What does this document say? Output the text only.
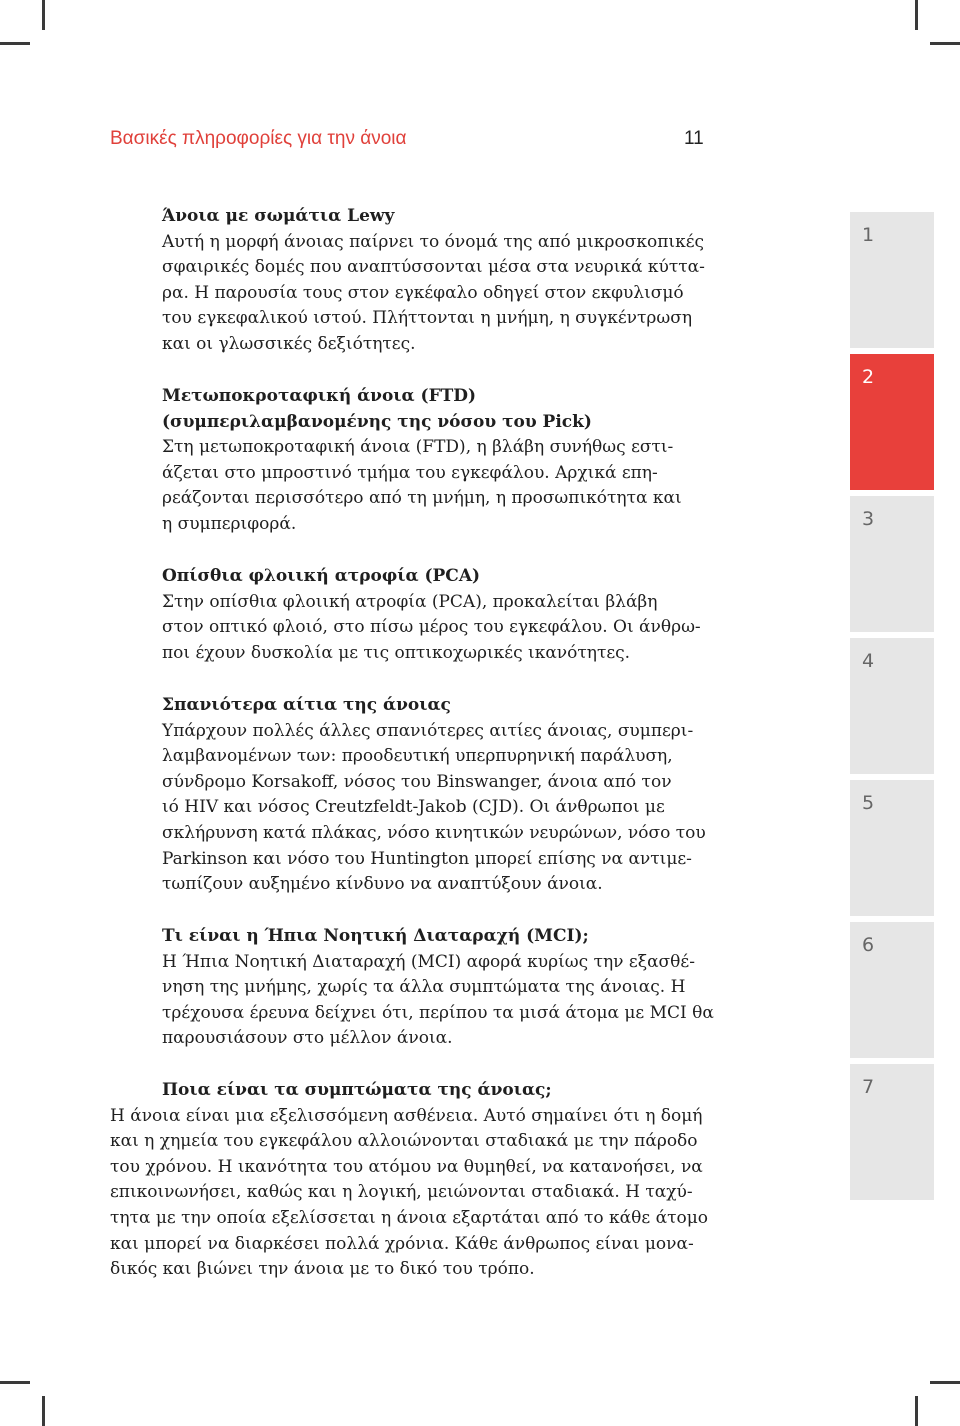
Βασικές πληροφορίες για την άνοια	11
Άνοια με σωμάτια Lewy

Αυτή η μορφή άνοιας παίρνει το όνομά της από μικροσκοπικές
σφαιρικές δομές που αναπτύσσονται μέσα στα νευρικά κύττα-
ρα. Η παρουσία τους στον εγκέφαλο οδηγεί στον εκφυλισμό
του εγκεφαλικού ιστού. Πλήττονται η μνήμη, η συγκέντρωση
και οι γλωσσικές δεξιότητες.

Μετωποκροταφική άνοια (FTD)
(συμπεριλαμβανομένης της νόσου του Pick)

Στη μετωποκροταφική άνοια (FTD), η βλάβη συνήθως εστι-
άζεται στο μπροστινό τμήμα του εγκεφάλου. Αρχικά επη-
ρεάζονται περισσότερο από τη μνήμη, η προσωπικότητα και
η συμπεριφορά.

Οπίσθια φλοιική ατροφία (PCA)

Στην οπίσθια φλοιική ατροφία (PCA), προκαλείται βλάβη
στον οπτικό φλοιό, στο πίσω μέρος του εγκεφάλου. Οι άνθρω-
ποι έχουν δυσκολία με τις οπτικοχωρικές ικανότητες.

Σπανιότερα αίτια της άνοιας

Υπάρχουν πολλές άλλες σπανιότερες αιτίες άνοιας, συμπερι-
λαμβανομένων των: προοδευτική υπερπυρηνική παράλυση,
σύνδρομο Korsakoff, νόσος του Binswanger, άνοια από τον
ιό HIV και νόσος Creutzfeldt-Jakob (CJD). Οι άνθρωποι με
σκλήρυνση κατά πλάκας, νόσο κινητικών νευρώνων, νόσο του
Parkinson και νόσο του Huntington μπορεί επίσης να αντιμε-
τωπίζουν αυξημένο κίνδυνο να αναπτύξουν άνοια.

Τι είναι η Ήπια Νοητική Διαταραχή (MCI);

Η Ήπια Νοητική Διαταραχή (MCI) αφορά κυρίως την εξασθέ-
νηση της μνήμης, χωρίς τα άλλα συμπτώματα της άνοιας. Η
τρέχουσα έρευνα δείχνει ότι, περίπου τα μισά άτομα με MCI θα
παρουσιάσουν στο μέλλον άνοια.

Ποια είναι τα συμπτώματα της άνοιας;

Η άνοια είναι μια εξελισσόμενη ασθένεια. Αυτό σημαίνει ότι η δομή
και η χημεία του εγκεφάλου αλλοιώνονται σταδιακά με την πάροδο
του χρόνου. Η ικανότητα του ατόμου να θυμηθεί, να κατανοήσει, να
επικοινωνήσει, καθώς και η λογική, μειώνονται σταδιακά. Η ταχύ-
τητα με την οποία εξελίσσεται η άνοια εξαρτάται από το κάθε άτομο
και μπορεί να διαρκέσει πολλά χρόνια. Κάθε άνθρωπος είναι μονα-
δικός και βιώνει την άνοια με το δικό του τρόπο.

1
2
3
4
5
6
7
